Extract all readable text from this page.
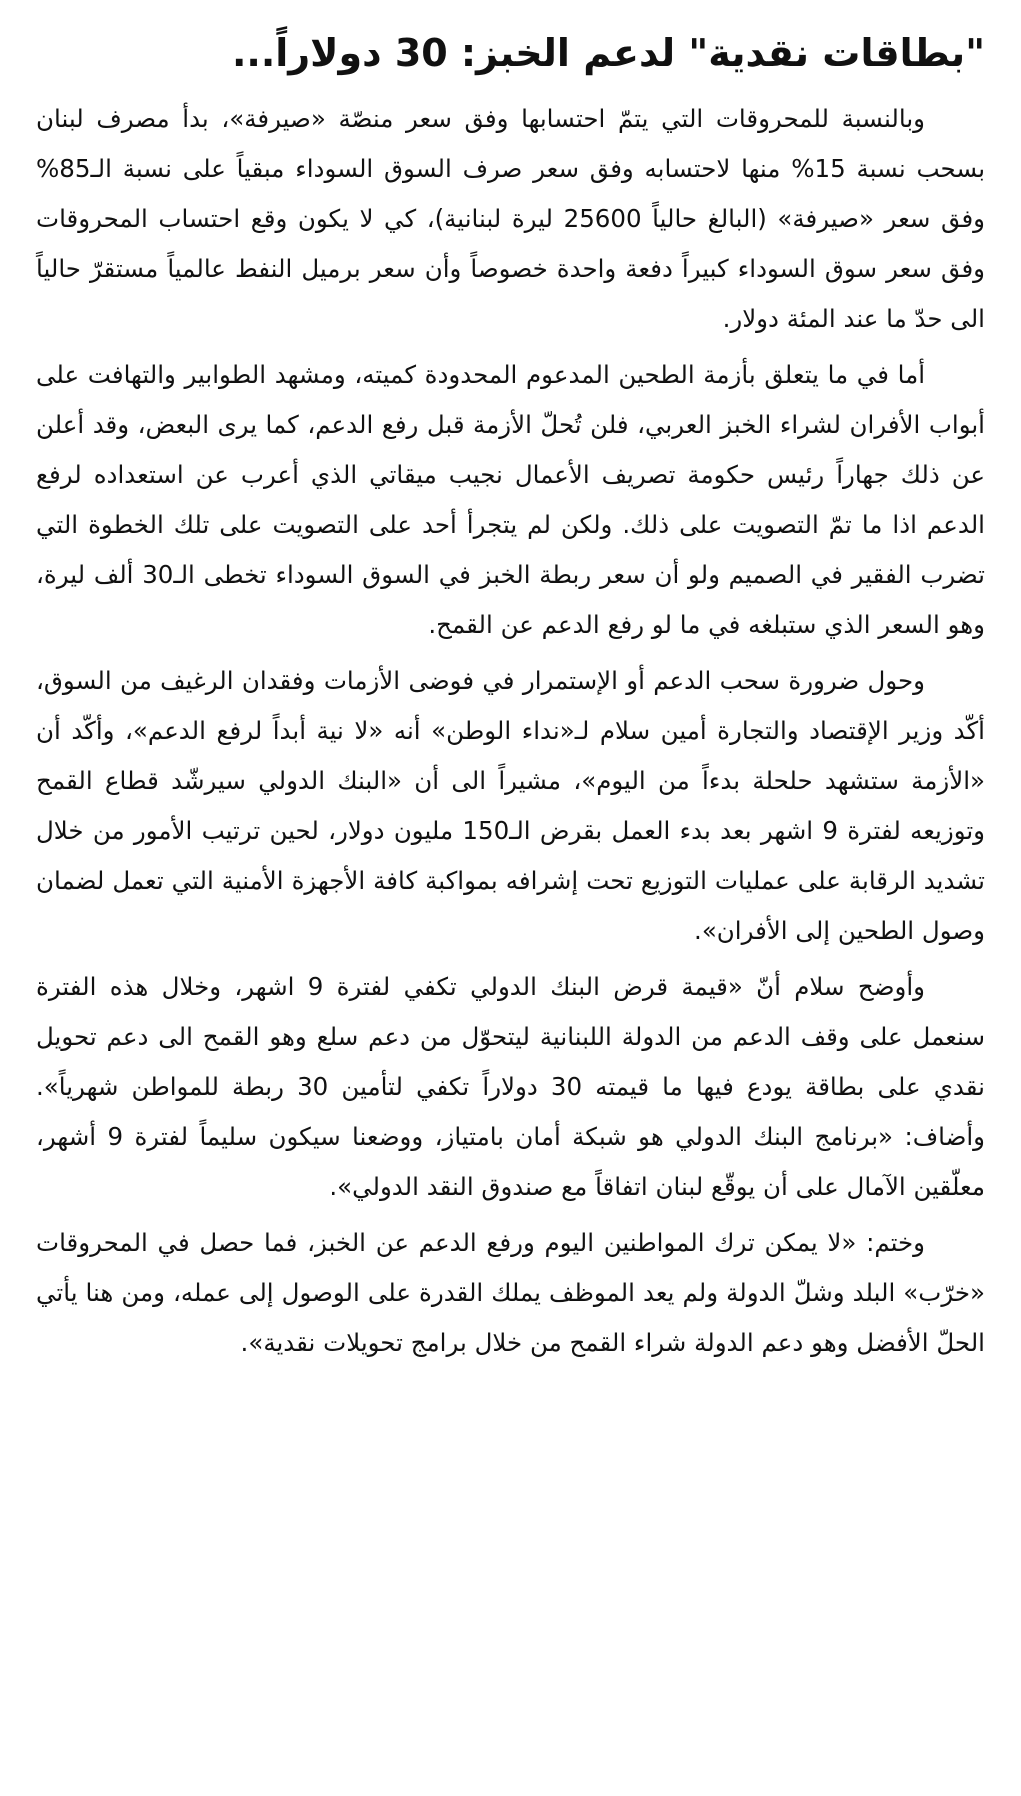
"بطاقات نقدية" لدعم الخبز: 30 دولاراً...

وبالنسبة للمحروقات التي يتمّ احتسابها وفق سعر منصّة «صيرفة»، بدأ مصرف لبنان بسحب نسبة 15% منها لاحتسابه وفق سعر صرف السوق السوداء مبقياً على نسبة الـ85% وفق سعر «صيرفة» (البالغ حالياً 25600 ليرة لبنانية)، كي لا يكون وقع احتساب المحروقات وفق سعر سوق السوداء كبيراً دفعة واحدة خصوصاً وأن سعر برميل النفط عالمياً مستقرّ حالياً الى حدّ ما عند المئة دولار.

أما في ما يتعلق بأزمة الطحين المدعوم المحدودة كميته، ومشهد الطوابير والتهافت على أبواب الأفران لشراء الخبز العربي، فلن تُحلّ الأزمة قبل رفع الدعم، كما يرى البعض، وقد أعلن عن ذلك جهاراً رئيس حكومة تصريف الأعمال نجيب ميقاتي الذي أعرب عن استعداده لرفع الدعم اذا ما تمّ التصويت على ذلك. ولكن لم يتجرأ أحد على التصويت على تلك الخطوة التي تضرب الفقير في الصميم ولو أن سعر ربطة الخبز في السوق السوداء تخطى الـ30 ألف ليرة، وهو السعر الذي ستبلغه في ما لو رفع الدعم عن القمح.

وحول ضرورة سحب الدعم أو الإستمرار في فوضى الأزمات وفقدان الرغيف من السوق، أكّد وزير الإقتصاد والتجارة أمين سلام لـ«نداء الوطن» أنه «لا نية أبداً لرفع الدعم»، وأكّد أن «الأزمة ستشهد حلحلة بدءاً من اليوم»، مشيراً الى أن «البنك الدولي سيرشّد قطاع القمح وتوزيعه لفترة 9 اشهر بعد بدء العمل بقرض الـ150 مليون دولار، لحين ترتيب الأمور من خلال تشديد الرقابة على عمليات التوزيع تحت إشرافه بمواكبة كافة الأجهزة الأمنية التي تعمل لضمان وصول الطحين إلى الأفران».

وأوضح سلام أنّ «قيمة قرض البنك الدولي تكفي لفترة 9 اشهر، وخلال هذه الفترة سنعمل على وقف الدعم من الدولة اللبنانية ليتحوّل من دعم سلع وهو القمح الى دعم تحويل نقدي على بطاقة يودع فيها ما قيمته 30 دولاراً تكفي لتأمين 30 ربطة للمواطن شهرياً». وأضاف: «برنامج البنك الدولي هو شبكة أمان بامتياز، ووضعنا سيكون سليماً لفترة 9 أشهر، معلّقين الآمال على أن يوقّع لبنان اتفاقاً مع صندوق النقد الدولي».

وختم: «لا يمكن ترك المواطنين اليوم ورفع الدعم عن الخبز، فما حصل في المحروقات «خرّب» البلد وشلّ الدولة ولم يعد الموظف يملك القدرة على الوصول إلى عمله، ومن هنا يأتي الحلّ الأفضل وهو دعم الدولة شراء القمح من خلال برامج تحويلات نقدية».
